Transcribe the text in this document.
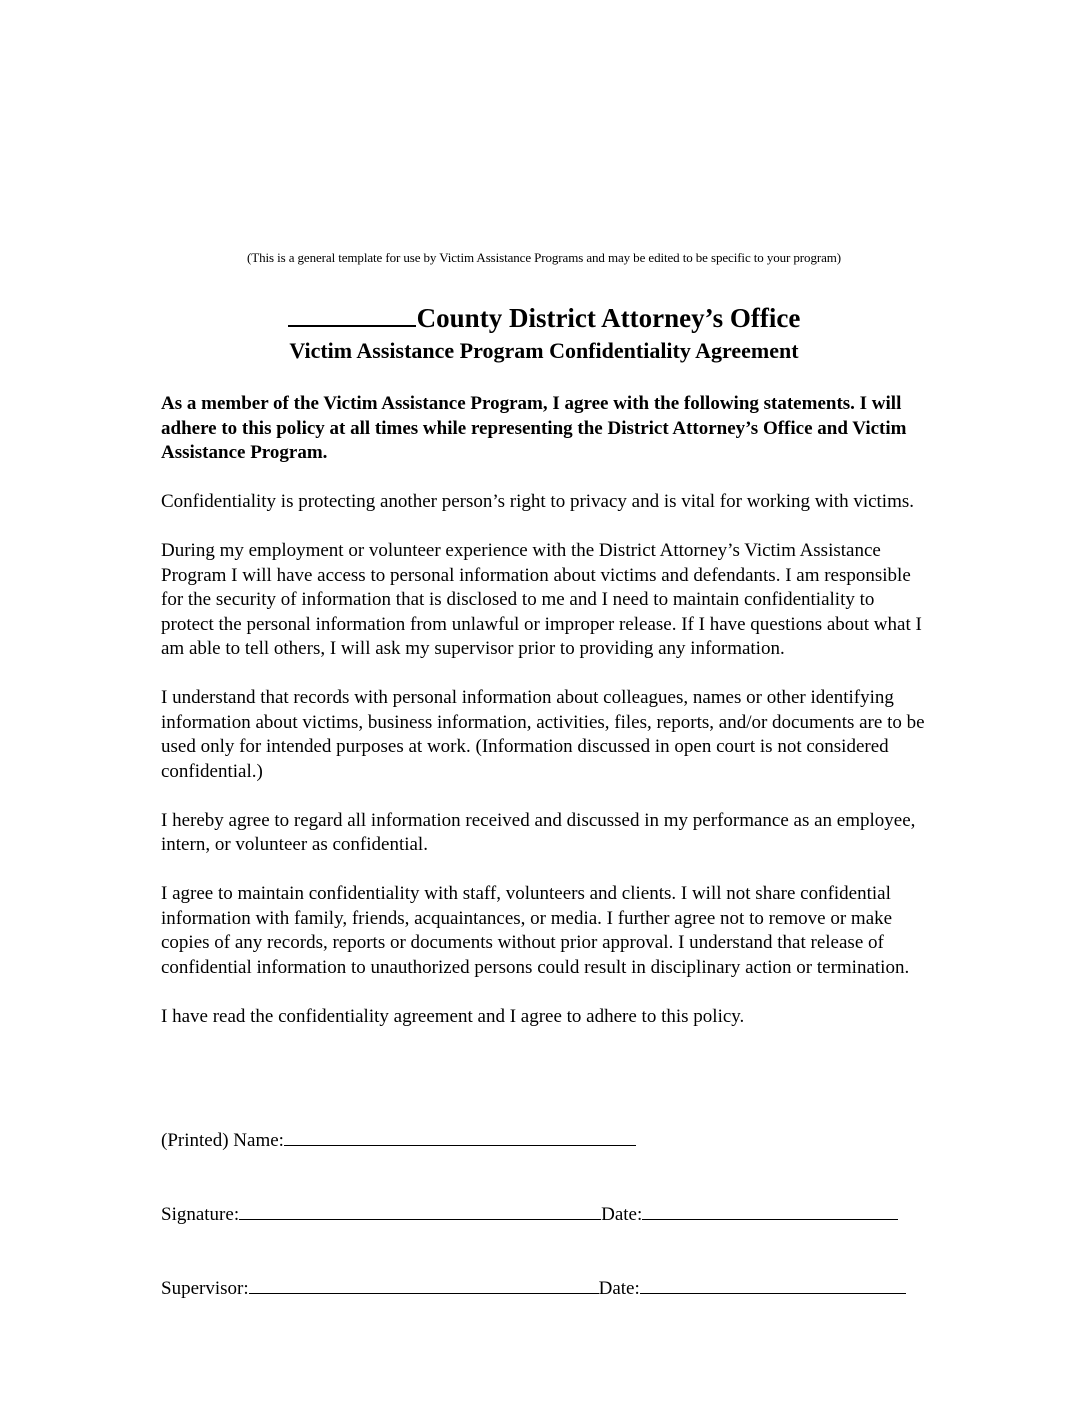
(This is a general template for use by Victim Assistance Programs and may be edited to be specific to your program)
County District Attorney’s Office
Victim Assistance Program Confidentiality Agreement

As a member of the Victim Assistance Program, I agree with the following statements. I will adhere to this policy at all times while representing the District Attorney’s Office and Victim Assistance Program.

Confidentiality is protecting another person’s right to privacy and is vital for working with victims.

During my employment or volunteer experience with the District Attorney’s Victim Assistance Program I will have access to personal information about victims and defendants. I am responsible for the security of information that is disclosed to me and I need to maintain confidentiality to protect the personal information from unlawful or improper release. If I have questions about what I am able to tell others, I will ask my supervisor prior to providing any information.

I understand that records with personal information about colleagues, names or other identifying information about victims, business information, activities, files, reports, and/or documents are to be used only for intended purposes at work. (Information discussed in open court is not considered confidential.)

I hereby agree to regard all information received and discussed in my performance as an employee, intern, or volunteer as confidential.

I agree to maintain confidentiality with staff, volunteers and clients. I will not share confidential information with family, friends, acquaintances, or media. I further agree not to remove or make copies of any records, reports or documents without prior approval. I understand that release of confidential information to unauthorized persons could result in disciplinary action or termination.

I have read the confidentiality agreement and I agree to adhere to this policy.

(Printed) Name:
Signature:	Date:
Supervisor:	Date:
